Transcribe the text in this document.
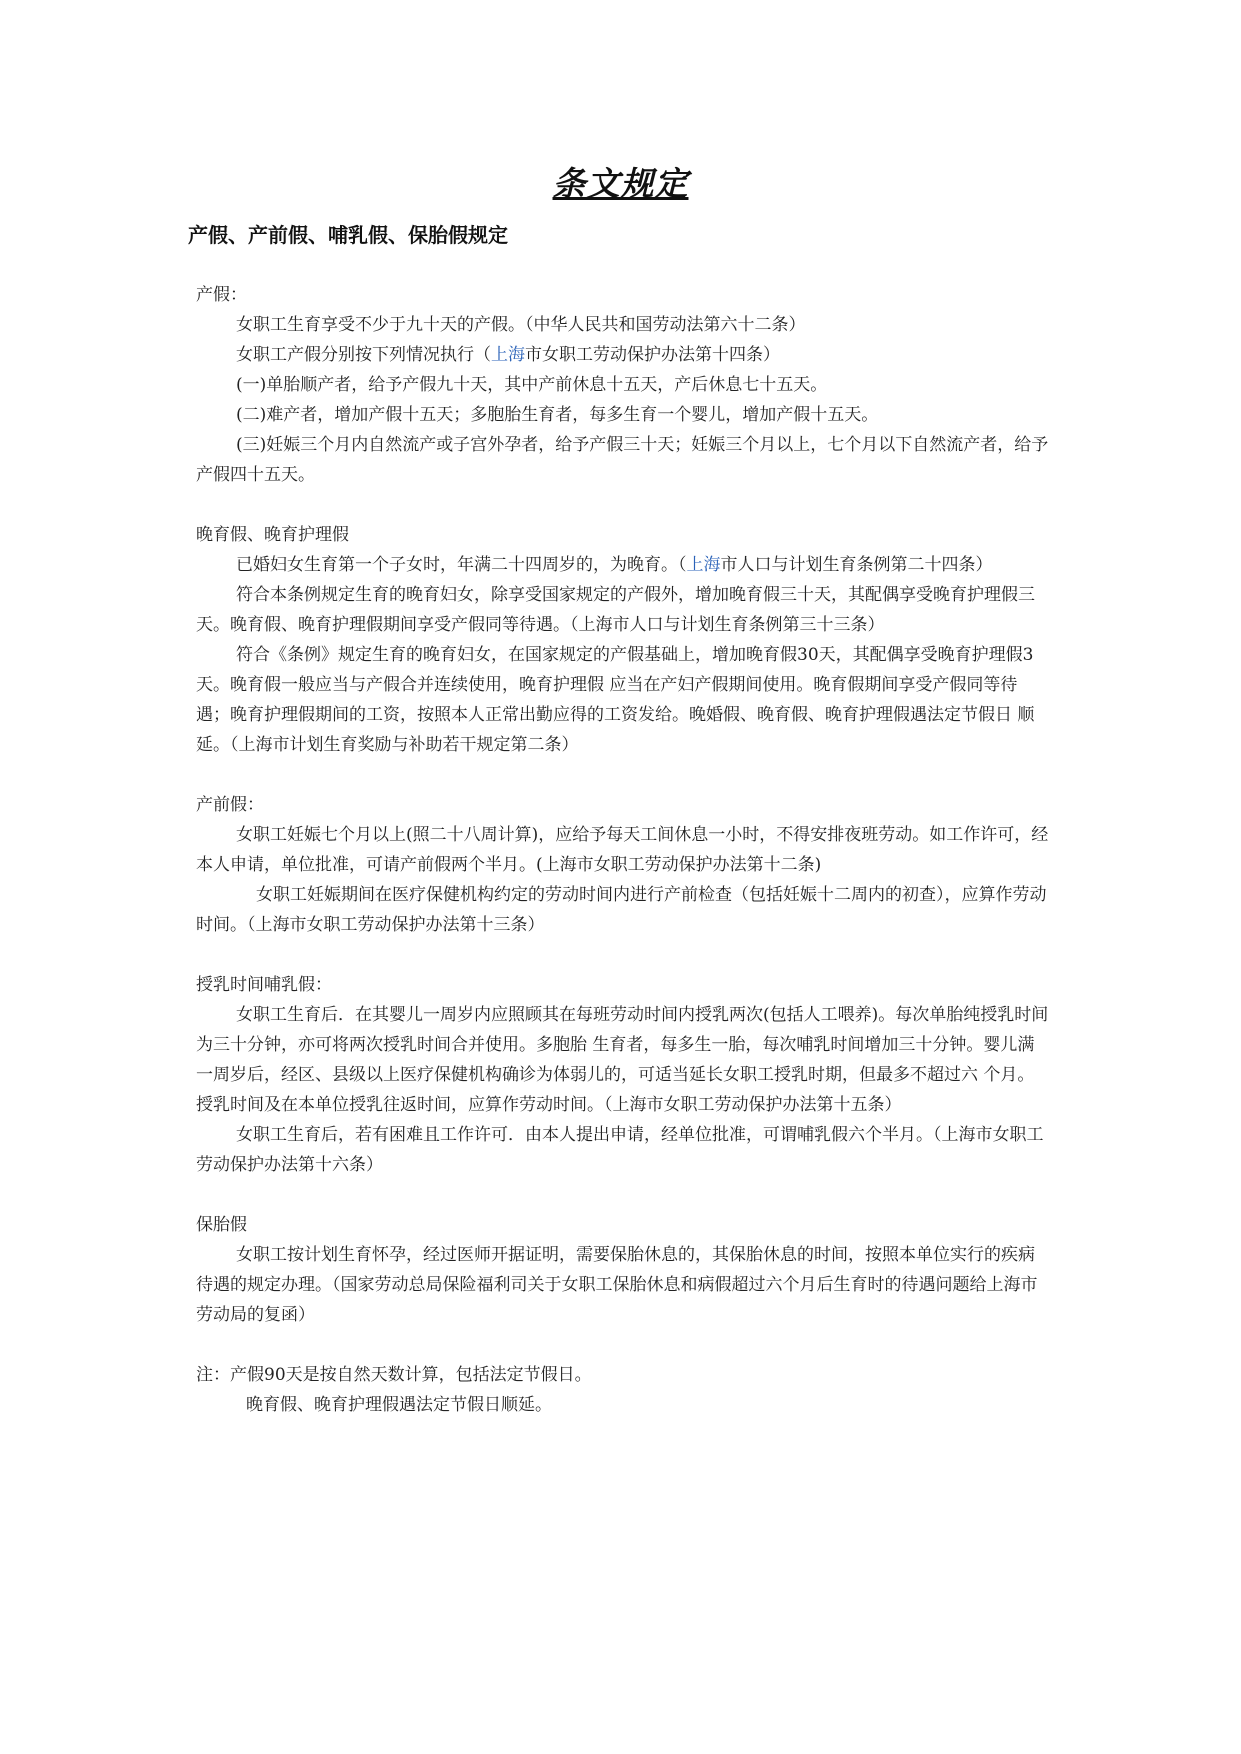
条文规定
产假、产前假、哺乳假、保胎假规定

产假：

女职工生育享受不少于九十天的产假。（中华人民共和国劳动法第六十二条）

女职工产假分别按下列情况执行（上海市女职工劳动保护办法第十四条）

(一)单胎顺产者，给予产假九十天，其中产前休息十五天，产后休息七十五天。

(二)难产者，增加产假十五天；多胞胎生育者，每多生育一个婴儿，增加产假十五天。

(三)妊娠三个月内自然流产或子宫外孕者，给予产假三十天；妊娠三个月以上，七个月以下自然流产者，给予产假四十五天。

晚育假、晚育护理假

已婚妇女生育第一个子女时，年满二十四周岁的，为晚育。（上海市人口与计划生育条例第二十四条）

符合本条例规定生育的晚育妇女，除享受国家规定的产假外，增加晚育假三十天，其配偶享受晚育护理假三天。晚育假、晚育护理假期间享受产假同等待遇。（上海市人口与计划生育条例第三十三条）

符合《条例》规定生育的晚育妇女，在国家规定的产假基础上，增加晚育假30天，其配偶享受晚育护理假3天。晚育假一般应当与产假合并连续使用，晚育护理假 应当在产妇产假期间使用。晚育假期间享受产假同等待遇；晚育护理假期间的工资，按照本人正常出勤应得的工资发给。晚婚假、晚育假、晚育护理假遇法定节假日 顺延。（上海市计划生育奖励与补助若干规定第二条）

产前假：

女职工妊娠七个月以上(照二十八周计算)，应给予每天工间休息一小时，不得安排夜班劳动。如工作许可，经本人申请，单位批准，可请产前假两个半月。(上海市女职工劳动保护办法第十二条)

女职工妊娠期间在医疗保健机构约定的劳动时间内进行产前检查（包括妊娠十二周内的初查），应算作劳动时间。（上海市女职工劳动保护办法第十三条）

授乳时间哺乳假：

女职工生育后．在其婴儿一周岁内应照顾其在每班劳动时间内授乳两次(包括人工喂养)。每次单胎纯授乳时间为三十分钟，亦可将两次授乳时间合并使用。多胞胎 生育者，每多生一胎，每次哺乳时间增加三十分钟。婴儿满一周岁后，经区、县级以上医疗保健机构确诊为体弱儿的，可适当延长女职工授乳时期，但最多不超过六 个月。授乳时间及在本单位授乳往返时间，应算作劳动时间。（上海市女职工劳动保护办法第十五条）

女职工生育后，若有困难且工作许可．由本人提出申请，经单位批准，可谓哺乳假六个半月。（上海市女职工劳动保护办法第十六条）

保胎假

女职工按计划生育怀孕，经过医师开据证明，需要保胎休息的，其保胎休息的时间，按照本单位实行的疾病待遇的规定办理。（国家劳动总局保险福利司关于女职工保胎休息和病假超过六个月后生育时的待遇问题给上海市劳动局的复函）

注：产假90天是按自然天数计算，包括法定节假日。

晚育假、晚育护理假遇法定节假日顺延。
